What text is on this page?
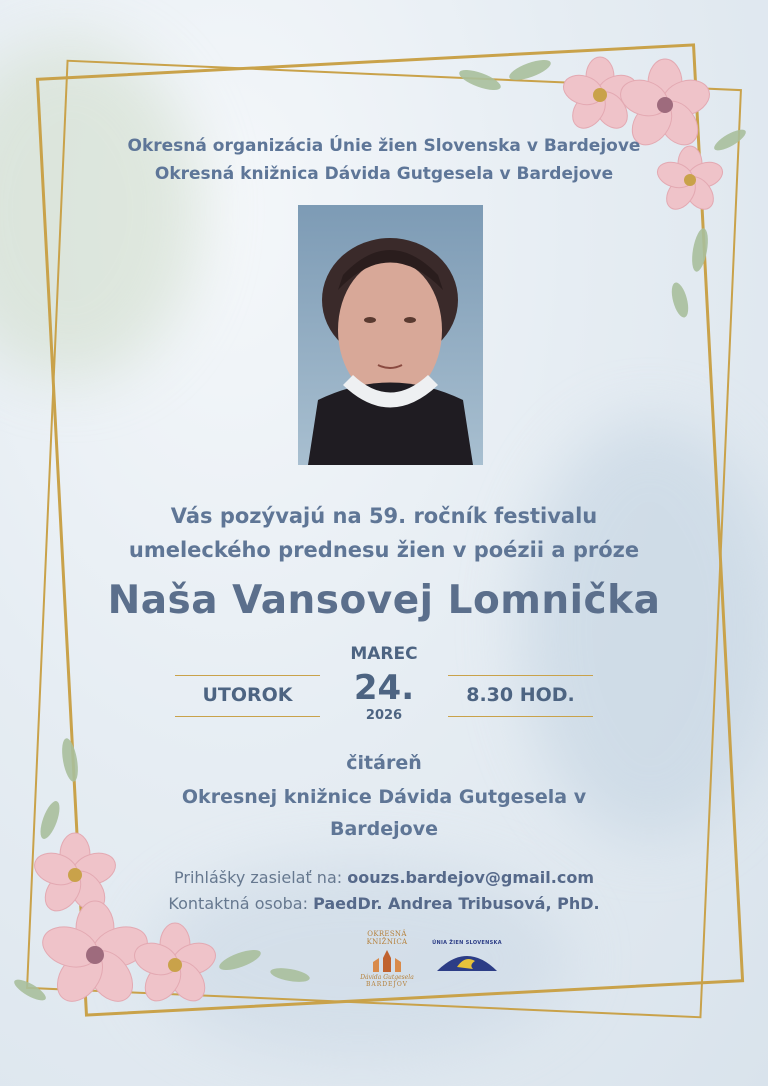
Okresná organizácia Únie žien Slovenska v Bardejove
Okresná knižnica Dávida Gutgesela v Bardejove
Vás pozývajú na 59. ročník festivalu
umeleckého prednesu žien v poézii a próze
Naša Vansovej Lomnička
MAREC
UTOROK	24.
2026
8.30 HOD.
čitáreň
Okresnej knižnice Dávida Gutgesela v
Bardejove
Prihlášky zasielať na: oouzs.bardejov@gmail.com
Kontaktná osoba: PaedDr. Andrea Tribusová, PhD.
OKRESNÁ KNIŽNICA
Dávida Gutgesela
BARDEJOV
ÚNIA ŽIEN SLOVENSKA
